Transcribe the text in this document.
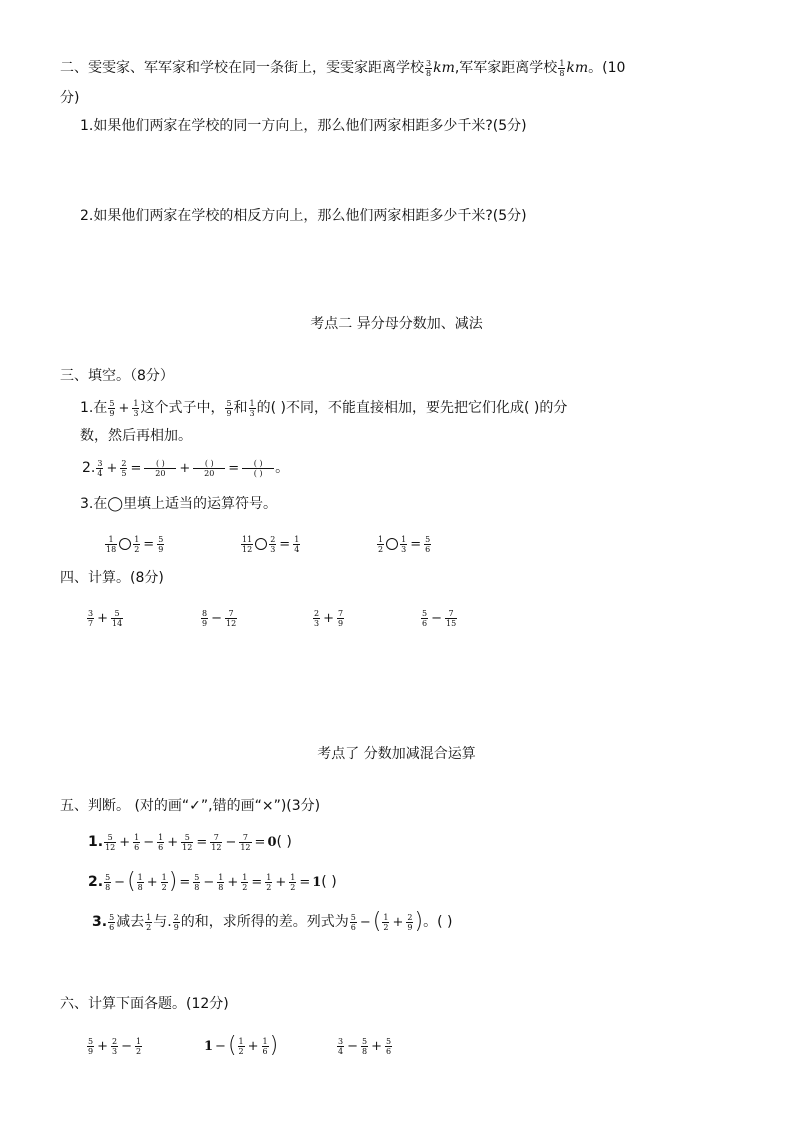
二、雯雯家、军军家和学校在同一条街上，雯雯家距离学校 $\frac{3}{8}$ km,军军家距离学校 $\frac{1}{8}$ km。(10
分)
1.如果他们两家在学校的同一方向上，那么他们两家相距多少千米?(5分)
2.如果他们两家在学校的相反方向上，那么他们两家相距多少千米?(5分)
考点二 异分母分数加、减法
三、填空。（8分）
1.在 $\frac{5}{9} + \frac{1}{3}$ 这个式子中， $\frac{5}{9}$ 和 $\frac{1}{3}$ 的( )不同，不能直接相加，要先把它们化成( )的分
数，然后再相加。
2. $\frac{3}{4} + \frac{2}{5} = \frac{( )}{20} + \frac{( )}{20} = \frac{( )}{( )}$ 。
3.在◯里填上适当的运算符号。
$\frac{1}{18} \frac{1}{2} = \frac{5}{9}$	$\frac{11}{12} \frac{2}{3} = \frac{1}{4}$	$\frac{1}{2} \frac{1}{3} = \frac{5}{6}$
四、计算。(8分)
$\frac{3}{7} + \frac{5}{14}$	$\frac{8}{9} - \frac{7}{12}$	$\frac{2}{3} + \frac{7}{9}$	$\frac{5}{6} - \frac{7}{15}$
考点了 分数加减混合运算
五、判断。 (对的画“✓”,错的画“×”)(3分)
1. $\frac{5}{12} + \frac{1}{6} - \frac{1}{6} + \frac{5}{12} = \frac{7}{12} - \frac{7}{12} = 0$( )
2. $\frac{5}{8}$ −( $\frac{1}{8} + \frac{1}{2}$ ) = $\frac{5}{8} - \frac{1}{8} + \frac{1}{2} = \frac{1}{2} + \frac{1}{2} = 1$( )
3. $\frac{5}{6}$ 减去 $\frac{1}{2}$ 与. $\frac{2}{9}$ 的和，求所得的差。列式为 $\frac{5}{6}$ −( $\frac{1}{2} + \frac{2}{9}$ )。( )
六、计算下面各题。(12分)
$\frac{5}{9} + \frac{2}{3} - \frac{1}{2}$	1 −( $\frac{1}{2} + \frac{1}{6}$ )	$\frac{3}{4} - \frac{5}{8} + \frac{5}{6}$
